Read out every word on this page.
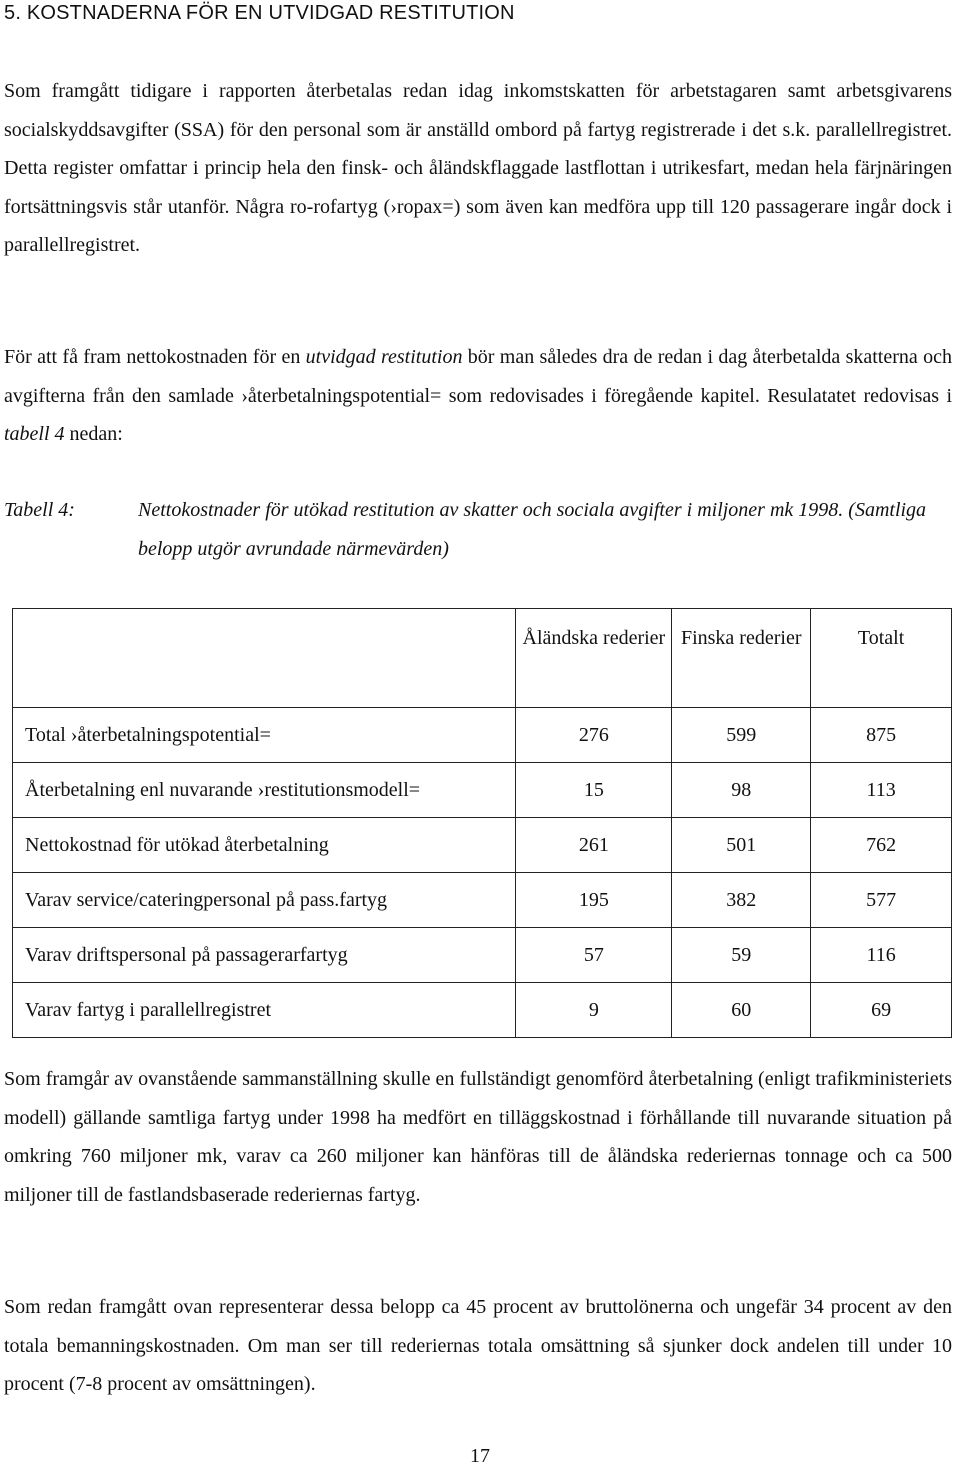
5. KOSTNADERNA FÖR EN UTVIDGAD RESTITUTION

Som framgått tidigare i rapporten återbetalas redan idag inkomstskatten för arbetstagaren samt arbetsgivarens socialskyddsavgifter (SSA) för den personal som är anställd ombord på fartyg registrerade i det s.k. parallellregistret. Detta register omfattar i princip hela den finsk- och åländskflaggade lastflottan i utrikesfart, medan hela färjnäringen fortsättningsvis står utanför. Några ro-rofartyg (›ropax=) som även kan medföra upp till 120 passagerare ingår dock i parallellregistret.

För att få fram nettokostnaden för en utvidgad restitution bör man således dra de redan i dag återbetalda skatterna och avgifterna från den samlade ›återbetalningspotential= som redovisades i föregående kapitel. Resulatatet redovisas i tabell 4 nedan:

Tabell 4:	Nettokostnader för utökad restitution av skatter och sociala avgifter i miljoner mk 1998. (Samtliga belopp utgör avrundade närmevärden)
	Åländska rederier	Finska rederier	Totalt
Total ›återbetalningspotential=	276	599	875
Återbetalning enl nuvarande ›restitutionsmodell=	15	98	113
Nettokostnad för utökad återbetalning	261	501	762
Varav service/cateringpersonal på pass.fartyg	195	382	577
Varav driftspersonal på passagerarfartyg	57	59	116
Varav fartyg i parallellregistret	9	60	69

Som framgår av ovanstående sammanställning skulle en fullständigt genomförd återbetalning (enligt trafikministeriets modell) gällande samtliga fartyg under 1998 ha medfört en tilläggskostnad i förhållande till nuvarande situation på omkring 760 miljoner mk, varav ca 260 miljoner kan hänföras till de åländska rederiernas tonnage och ca 500 miljoner till de fastlandsbaserade rederiernas fartyg.

Som redan framgått ovan representerar dessa belopp ca 45 procent av bruttolönerna och ungefär 34 procent av den totala bemanningskostnaden. Om man ser till rederiernas totala omsättning så sjunker dock andelen till under 10 procent (7-8 procent av omsättningen).

17
